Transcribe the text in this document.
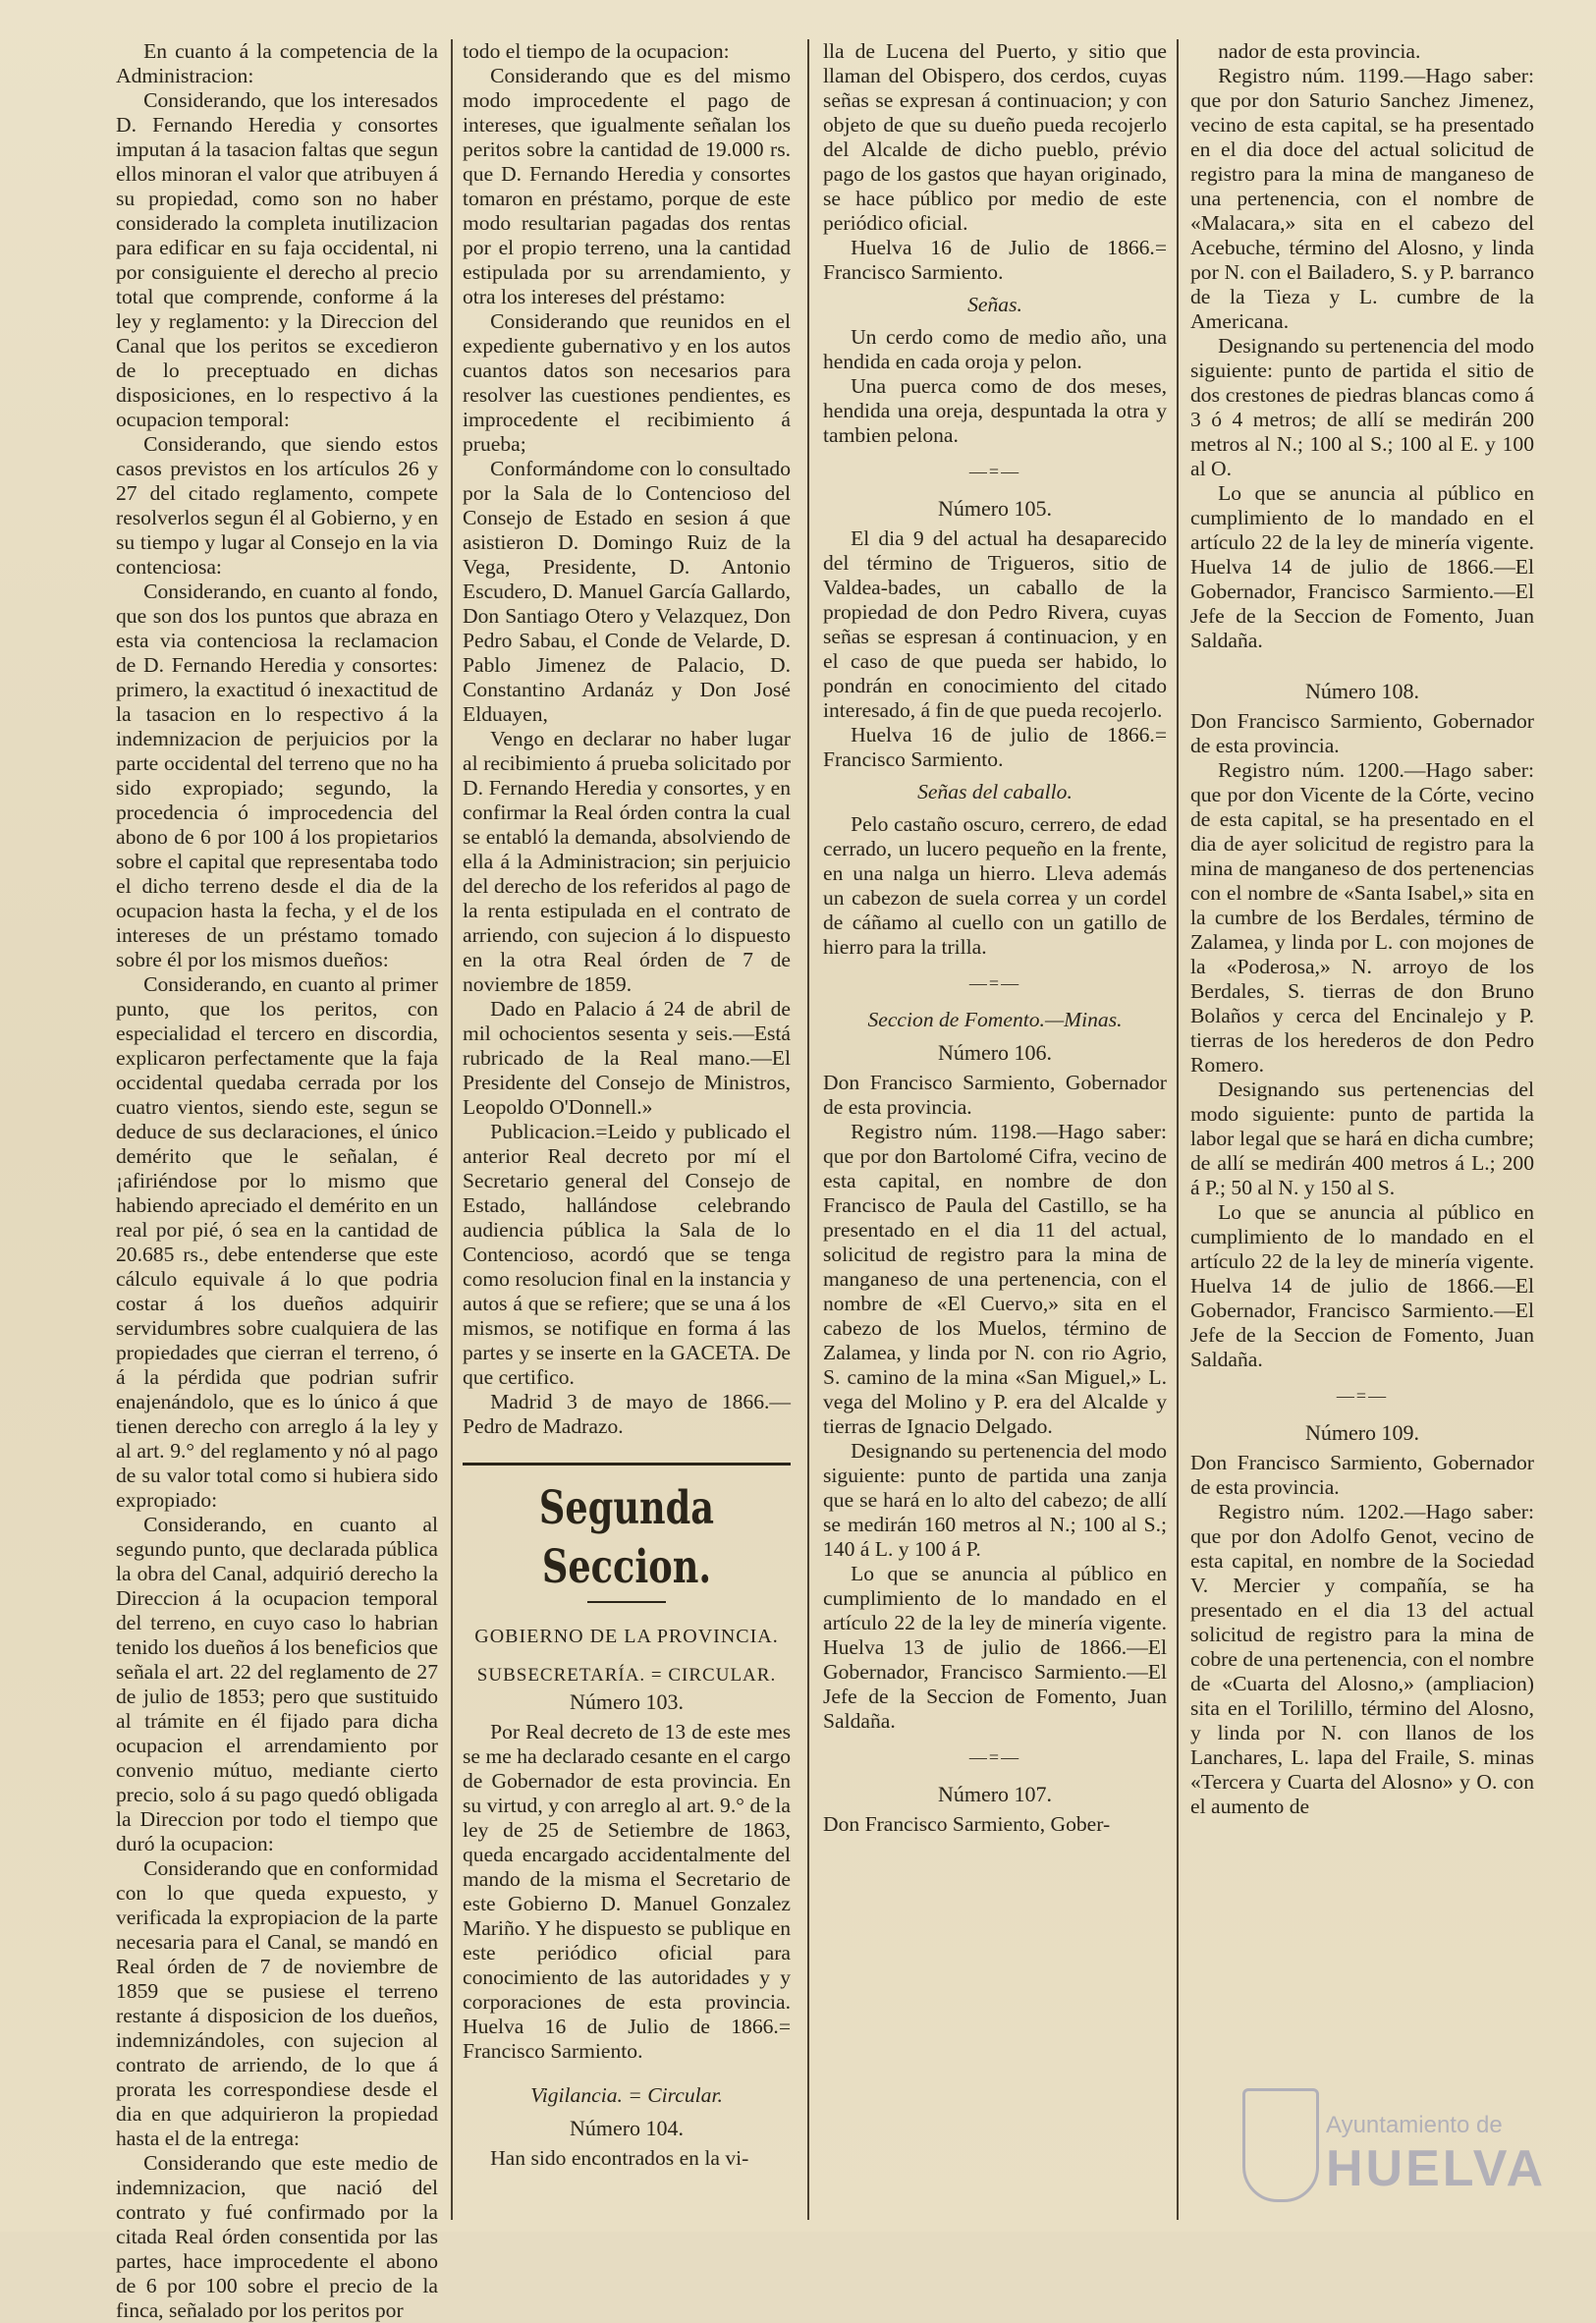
En cuanto á la competencia de la Administracion:

Considerando, que los interesados D. Fernando Heredia y consortes imputan á la tasacion faltas que segun ellos minoran el valor que atribuyen á su propiedad, como son no haber considerado la completa inutilizacion para edificar en su faja occidental, ni por consiguiente el derecho al precio total que comprende, conforme á la ley y reglamento: y la Direccion del Canal que los peritos se excedieron de lo preceptuado en dichas disposiciones, en lo respectivo á la ocupacion temporal:

Considerando, que siendo estos casos previstos en los artículos 26 y 27 del citado reglamento, compete resolverlos segun él al Gobierno, y en su tiempo y lugar al Consejo en la via contenciosa:

Considerando, en cuanto al fondo, que son dos los puntos que abraza en esta via contenciosa la reclamacion de D. Fernando Heredia y consortes: primero, la exactitud ó inexactitud de la tasacion en lo respectivo á la indemnizacion de perjuicios por la parte occidental del terreno que no ha sido expropiado; segundo, la procedencia ó improcedencia del abono de 6 por 100 á los propietarios sobre el capital que representaba todo el dicho terreno desde el dia de la ocupacion hasta la fecha, y el de los intereses de un préstamo tomado sobre él por los mismos dueños:

Considerando, en cuanto al primer punto, que los peritos, con especialidad el tercero en discordia, explicaron perfectamente que la faja occidental quedaba cerrada por los cuatro vientos, siendo este, segun se deduce de sus declaraciones, el único demérito que le señalan, é ¡afiriéndose por lo mismo que habiendo apreciado el demérito en un real por pié, ó sea en la cantidad de 20.685 rs., debe entenderse que este cálculo equivale á lo que podria costar á los dueños adquirir servidumbres sobre cualquiera de las propiedades que cierran el terreno, ó á la pérdida que podrian sufrir enajenándolo, que es lo único á que tienen derecho con arreglo á la ley y al art. 9.° del reglamento y nó al pago de su valor total como si hubiera sido expropiado:

Considerando, en cuanto al segundo punto, que declarada pública la obra del Canal, adquirió derecho la Direccion á la ocupacion temporal del terreno, en cuyo caso lo habrian tenido los dueños á los beneficios que señala el art. 22 del reglamento de 27 de julio de 1853; pero que sustituido al trámite en él fijado para dicha ocupacion el arrendamiento por convenio mútuo, mediante cierto precio, solo á su pago quedó obligada la Direccion por todo el tiempo que duró la ocupacion:

Considerando que en conformidad con lo que queda expuesto, y verificada la expropiacion de la parte necesaria para el Canal, se mandó en Real órden de 7 de noviembre de 1859 que se pusiese el terreno restante á disposicion de los dueños, indemnizándoles, con sujecion al contrato de arriendo, de lo que á prorata les correspondiese desde el dia en que adquirieron la propiedad hasta el de la entrega:

Considerando que este medio de indemnizacion, que nació del contrato y fué confirmado por la citada Real órden consentida por las partes, hace improcedente el abono de 6 por 100 sobre el precio de la finca, señalado por los peritos por

todo el tiempo de la ocupacion:

Considerando que es del mismo modo improcedente el pago de intereses, que igualmente señalan los peritos sobre la cantidad de 19.000 rs. que D. Fernando Heredia y consortes tomaron en préstamo, porque de este modo resultarian pagadas dos rentas por el propio terreno, una la cantidad estipulada por su arrendamiento, y otra los intereses del préstamo:

Considerando que reunidos en el expediente gubernativo y en los autos cuantos datos son necesarios para resolver las cuestiones pendientes, es improcedente el recibimiento á prueba;

Conformándome con lo consultado por la Sala de lo Contencioso del Consejo de Estado en sesion á que asistieron D. Domingo Ruiz de la Vega, Presidente, D. Antonio Escudero, D. Manuel García Gallardo, Don Santiago Otero y Velazquez, Don Pedro Sabau, el Conde de Velarde, D. Pablo Jimenez de Palacio, D. Constantino Ardanáz y Don José Elduayen,

Vengo en declarar no haber lugar al recibimiento á prueba solicitado por D. Fernando Heredia y consortes, y en confirmar la Real órden contra la cual se entabló la demanda, absolviendo de ella á la Administracion; sin perjuicio del derecho de los referidos al pago de la renta estipulada en el contrato de arriendo, con sujecion á lo dispuesto en la otra Real órden de 7 de noviembre de 1859.

Dado en Palacio á 24 de abril de mil ochocientos sesenta y seis.—Está rubricado de la Real mano.—El Presidente del Consejo de Ministros, Leopoldo O'Donnell.»

Publicacion.=Leido y publicado el anterior Real decreto por mí el Secretario general del Consejo de Estado, hallándose celebrando audiencia pública la Sala de lo Contencioso, acordó que se tenga como resolucion final en la instancia y autos á que se refiere; que se una á los mismos, se notifique en forma á las partes y se inserte en la GACETA. De que certifico.

Madrid 3 de mayo de 1866.—Pedro de Madrazo.

Segunda Seccion.

GOBIERNO DE LA PROVINCIA.

SUBSECRETARÍA. = CIRCULAR.

Número 103.

Por Real decreto de 13 de este mes se me ha declarado cesante en el cargo de Gobernador de esta provincia. En su virtud, y con arreglo al art. 9.° de la ley de 25 de Setiembre de 1863, queda encargado accidentalmente del mando de la misma el Secretario de este Gobierno D. Manuel Gonzalez Mariño. Y he dispuesto se publique en este periódico oficial para conocimiento de las autoridades y y corporaciones de esta provincia. Huelva 16 de Julio de 1866.= Francisco Sarmiento.

Vigilancia. = Circular.

Número 104.

Han sido encontrados en la vi-

lla de Lucena del Puerto, y sitio que llaman del Obispero, dos cerdos, cuyas señas se expresan á continuacion; y con objeto de que su dueño pueda recojerlo del Alcalde de dicho pueblo, prévio pago de los gastos que hayan originado, se hace público por medio de este periódico oficial.

Huelva 16 de Julio de 1866.= Francisco Sarmiento.

Señas.

Un cerdo como de medio año, una hendida en cada oroja y pelon.

Una puerca como de dos meses, hendida una oreja, despuntada la otra y tambien pelona.

—=—

Número 105.

El dia 9 del actual ha desaparecido del término de Trigueros, sitio de Valdea-bades, un caballo de la propiedad de don Pedro Rivera, cuyas señas se espresan á continuacion, y en el caso de que pueda ser habido, lo pondrán en conocimiento del citado interesado, á fin de que pueda recojerlo.

Huelva 16 de julio de 1866.= Francisco Sarmiento.

Señas del caballo.

Pelo castaño oscuro, cerrero, de edad cerrado, un lucero pequeño en la frente, en una nalga un hierro. Lleva además un cabezon de suela correa y un cordel de cáñamo al cuello con un gatillo de hierro para la trilla.

—=—

Seccion de Fomento.—Minas.

Número 106.

Don Francisco Sarmiento, Gobernador de esta provincia.

Registro núm. 1198.—Hago saber: que por don Bartolomé Cifra, vecino de esta capital, en nombre de don Francisco de Paula del Castillo, se ha presentado en el dia 11 del actual, solicitud de registro para la mina de manganeso de una pertenencia, con el nombre de «El Cuervo,» sita en el cabezo de los Muelos, término de Zalamea, y linda por N. con rio Agrio, S. camino de la mina «San Miguel,» L. vega del Molino y P. era del Alcalde y tierras de Ignacio Delgado.

Designando su pertenencia del modo siguiente: punto de partida una zanja que se hará en lo alto del cabezo; de allí se medirán 160 metros al N.; 100 al S.; 140 á L. y 100 á P.

Lo que se anuncia al público en cumplimiento de lo mandado en el artículo 22 de la ley de minería vigente. Huelva 13 de julio de 1866.—El Gobernador, Francisco Sarmiento.—El Jefe de la Seccion de Fomento, Juan Saldaña.

—=—

Número 107.

Don Francisco Sarmiento, Gober-

nador de esta provincia.

Registro núm. 1199.—Hago saber: que por don Saturio Sanchez Jimenez, vecino de esta capital, se ha presentado en el dia doce del actual solicitud de registro para la mina de manganeso de una pertenencia, con el nombre de «Malacara,» sita en el cabezo del Acebuche, término del Alosno, y linda por N. con el Bailadero, S. y P. barranco de la Tieza y L. cumbre de la Americana.

Designando su pertenencia del modo siguiente: punto de partida el sitio de dos crestones de piedras blancas como á 3 ó 4 metros; de allí se medirán 200 metros al N.; 100 al S.; 100 al E. y 100 al O.

Lo que se anuncia al público en cumplimiento de lo mandado en el artículo 22 de la ley de minería vigente. Huelva 14 de julio de 1866.—El Gobernador, Francisco Sarmiento.—El Jefe de la Seccion de Fomento, Juan Saldaña.

Número 108.

Don Francisco Sarmiento, Gobernador de esta provincia.

Registro núm. 1200.—Hago saber: que por don Vicente de la Córte, vecino de esta capital, se ha presentado en el dia de ayer solicitud de registro para la mina de manganeso de dos pertenencias con el nombre de «Santa Isabel,» sita en la cumbre de los Berdales, término de Zalamea, y linda por L. con mojones de la «Poderosa,» N. arroyo de los Berdales, S. tierras de don Bruno Bolaños y cerca del Encinalejo y P. tierras de los herederos de don Pedro Romero.

Designando sus pertenencias del modo siguiente: punto de partida la labor legal que se hará en dicha cumbre; de allí se medirán 400 metros á L.; 200 á P.; 50 al N. y 150 al S.

Lo que se anuncia al público en cumplimiento de lo mandado en el artículo 22 de la ley de minería vigente. Huelva 14 de julio de 1866.—El Gobernador, Francisco Sarmiento.—El Jefe de la Seccion de Fomento, Juan Saldaña.

—=—

Número 109.

Don Francisco Sarmiento, Gobernador de esta provincia.

Registro núm. 1202.—Hago saber: que por don Adolfo Genot, vecino de esta capital, en nombre de la Sociedad V. Mercier y compañía, se ha presentado en el dia 13 del actual solicitud de registro para la mina de cobre de una pertenencia, con el nombre de «Cuarta del Alosno,» (ampliacion) sita en el Torilillo, término del Alosno, y linda por N. con llanos de los Lanchares, L. lapa del Fraile, S. minas «Tercera y Cuarta del Alosno» y O. con el aumento de

Ayuntamiento de
HUELVA
